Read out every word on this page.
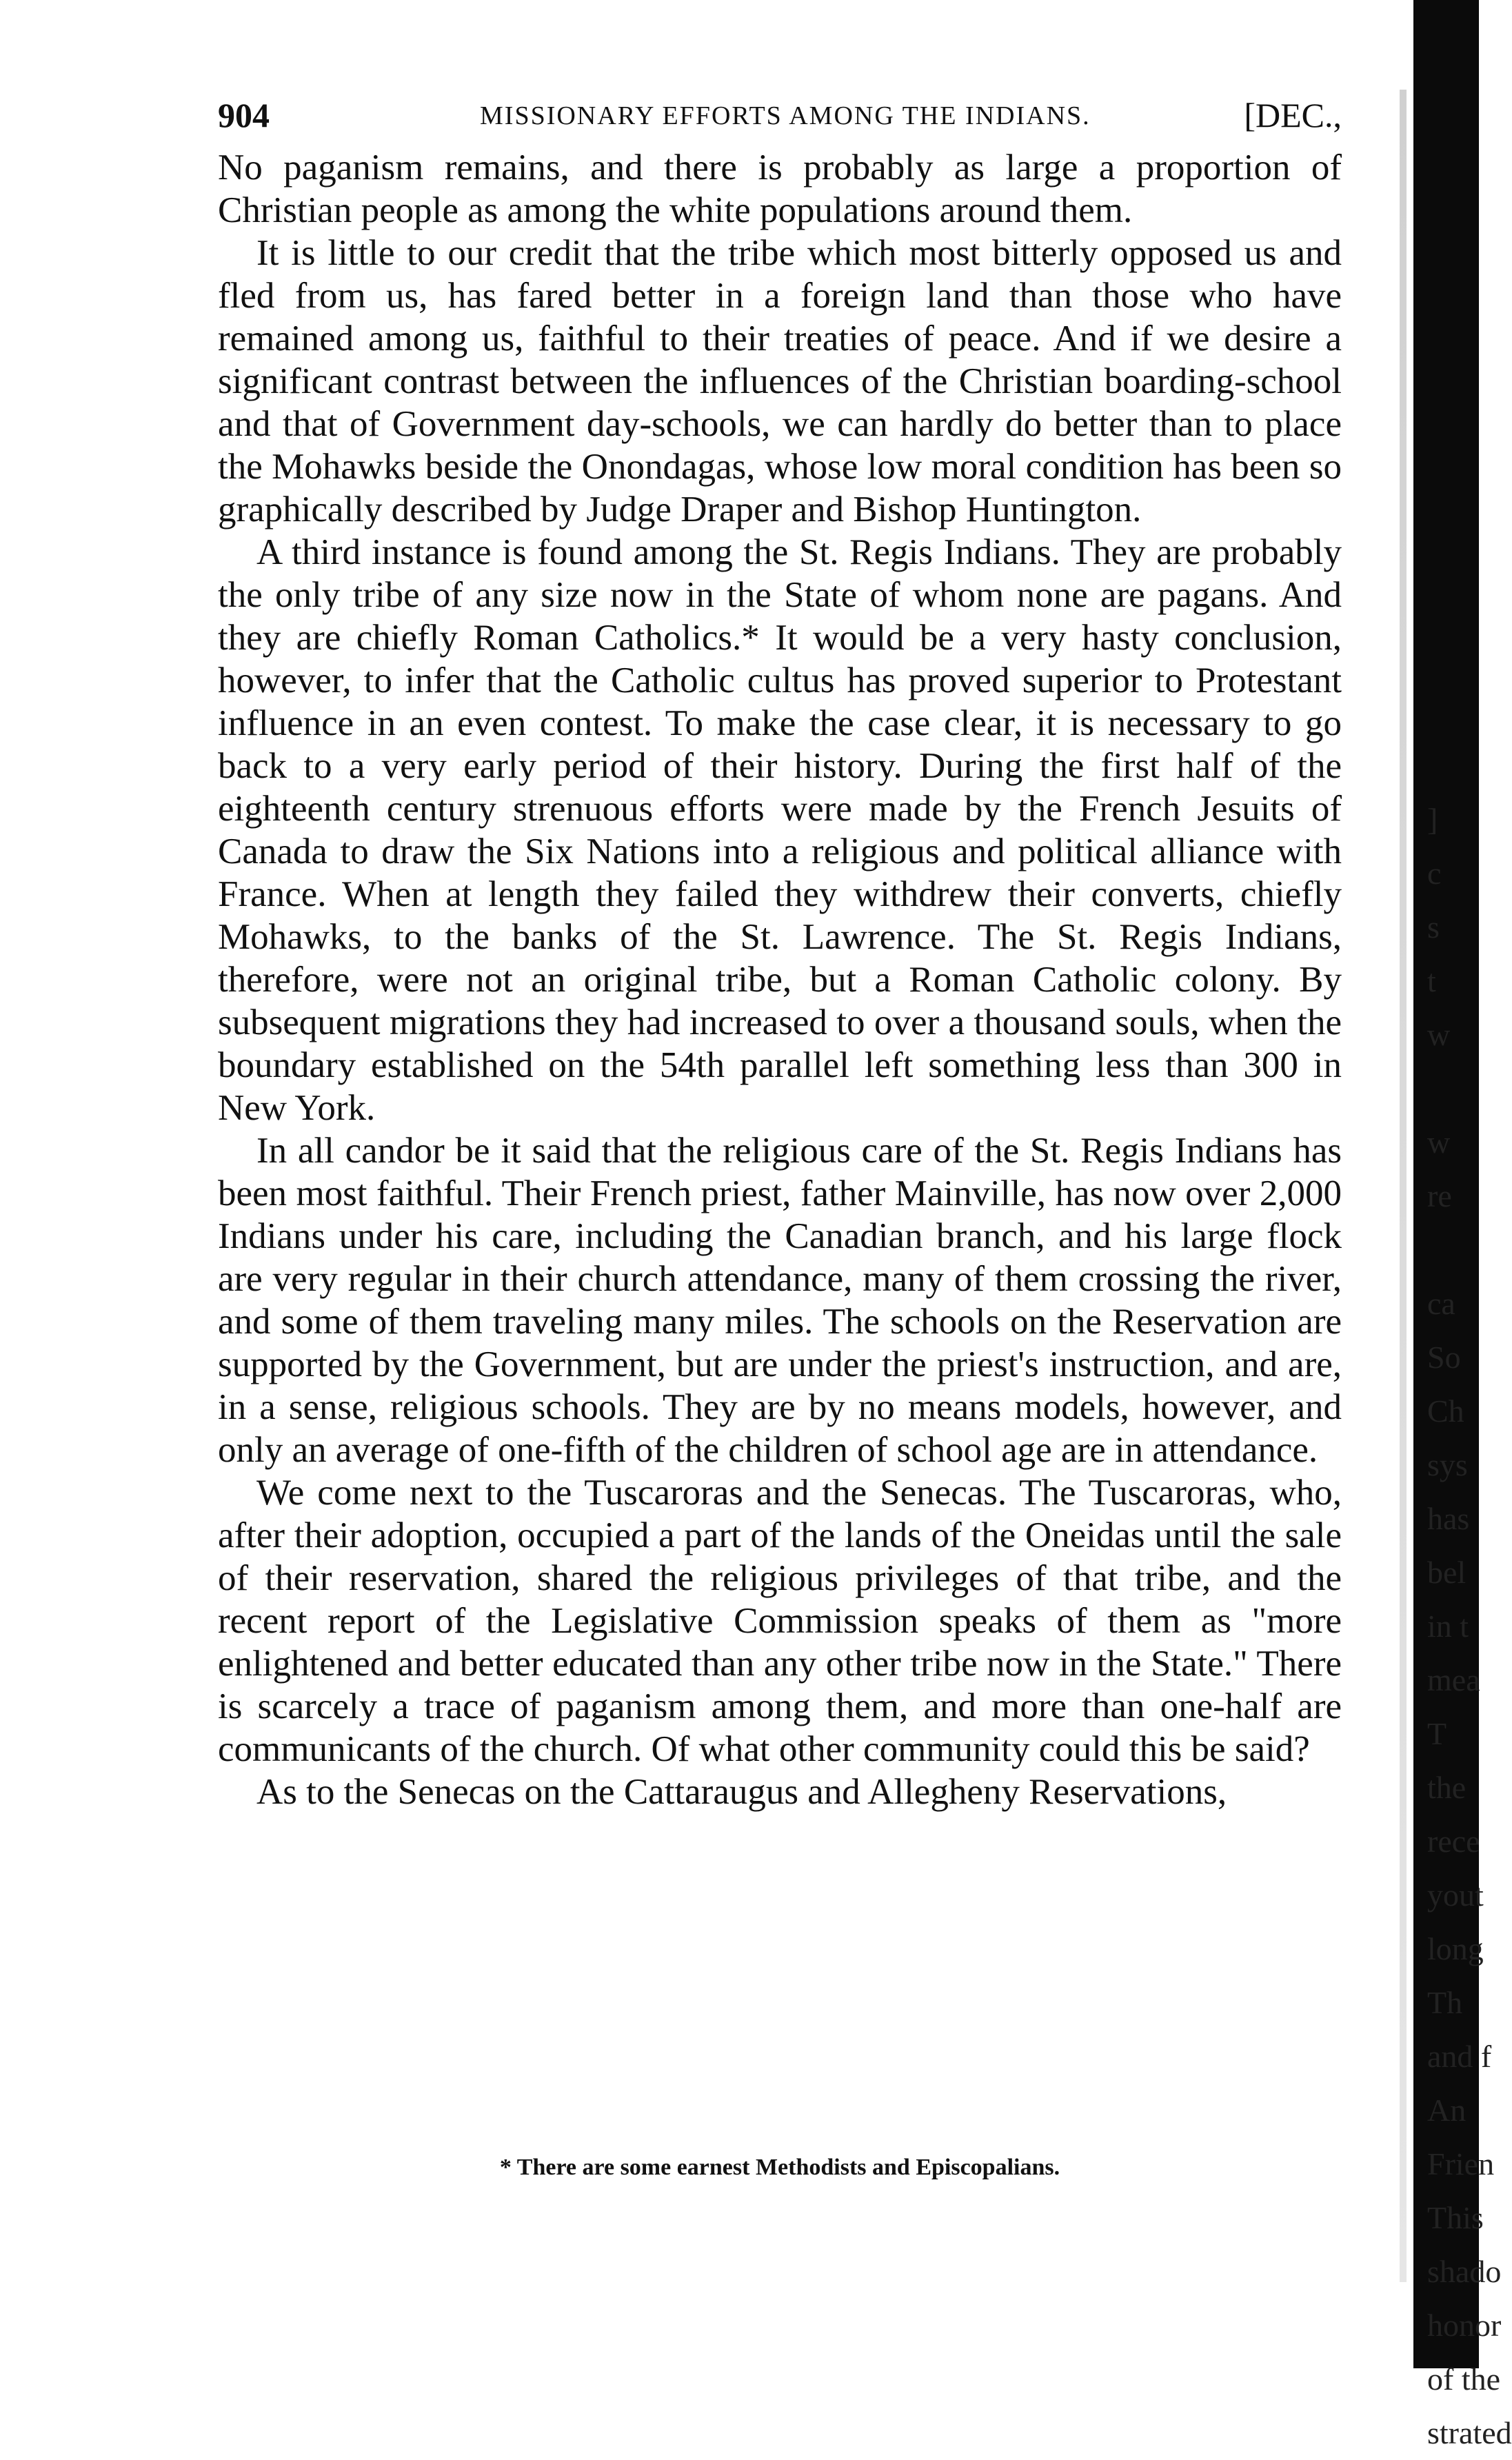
904	MISSIONARY EFFORTS AMONG THE INDIANS.	[DEC.,

No paganism remains, and there is probably as large a proportion of Christian people as among the white populations around them.

It is little to our credit that the tribe which most bitterly opposed us and fled from us, has fared better in a foreign land than those who have remained among us, faithful to their treaties of peace. And if we desire a significant contrast between the influences of the Christian boarding-school and that of Government day-schools, we can hardly do better than to place the Mohawks beside the Onondagas, whose low moral condition has been so graphically described by Judge Draper and Bishop Huntington.

A third instance is found among the St. Regis Indians. They are probably the only tribe of any size now in the State of whom none are pagans. And they are chiefly Roman Catholics.* It would be a very hasty conclusion, however, to infer that the Catholic cultus has proved superior to Protestant influence in an even contest. To make the case clear, it is necessary to go back to a very early period of their history. During the first half of the eighteenth century strenuous efforts were made by the French Jesuits of Canada to draw the Six Nations into a religious and political alliance with France. When at length they failed they withdrew their converts, chiefly Mohawks, to the banks of the St. Lawrence. The St. Regis Indians, therefore, were not an original tribe, but a Roman Catholic colony. By subsequent migrations they had increased to over a thousand souls, when the boundary established on the 54th parallel left something less than 300 in New York.

In all candor be it said that the religious care of the St. Regis Indians has been most faithful. Their French priest, father Mainville, has now over 2,000 Indians under his care, including the Canadian branch, and his large flock are very regular in their church attendance, many of them crossing the river, and some of them traveling many miles. The schools on the Reservation are supported by the Government, but are under the priest's instruction, and are, in a sense, religious schools. They are by no means models, however, and only an average of one-fifth of the children of school age are in attendance.

We come next to the Tuscaroras and the Senecas. The Tuscaroras, who, after their adoption, occupied a part of the lands of the Oneidas until the sale of their reservation, shared the religious privileges of that tribe, and the recent report of the Legislative Commission speaks of them as "more enlightened and better educated than any other tribe now in the State." There is scarcely a trace of paganism among them, and more than one-half are communicants of the church. Of what other community could this be said?

As to the Senecas on the Cattaraugus and Allegheny Reservations,

* There are some earnest Methodists and Episcopalians.
]
c
s
t
w

w
re

ca
So
Ch
sys
has
bel
in t
mea
T
the
rece
yout
long
Th
and f
An
Frien
This
shado
honor
of the
strated
